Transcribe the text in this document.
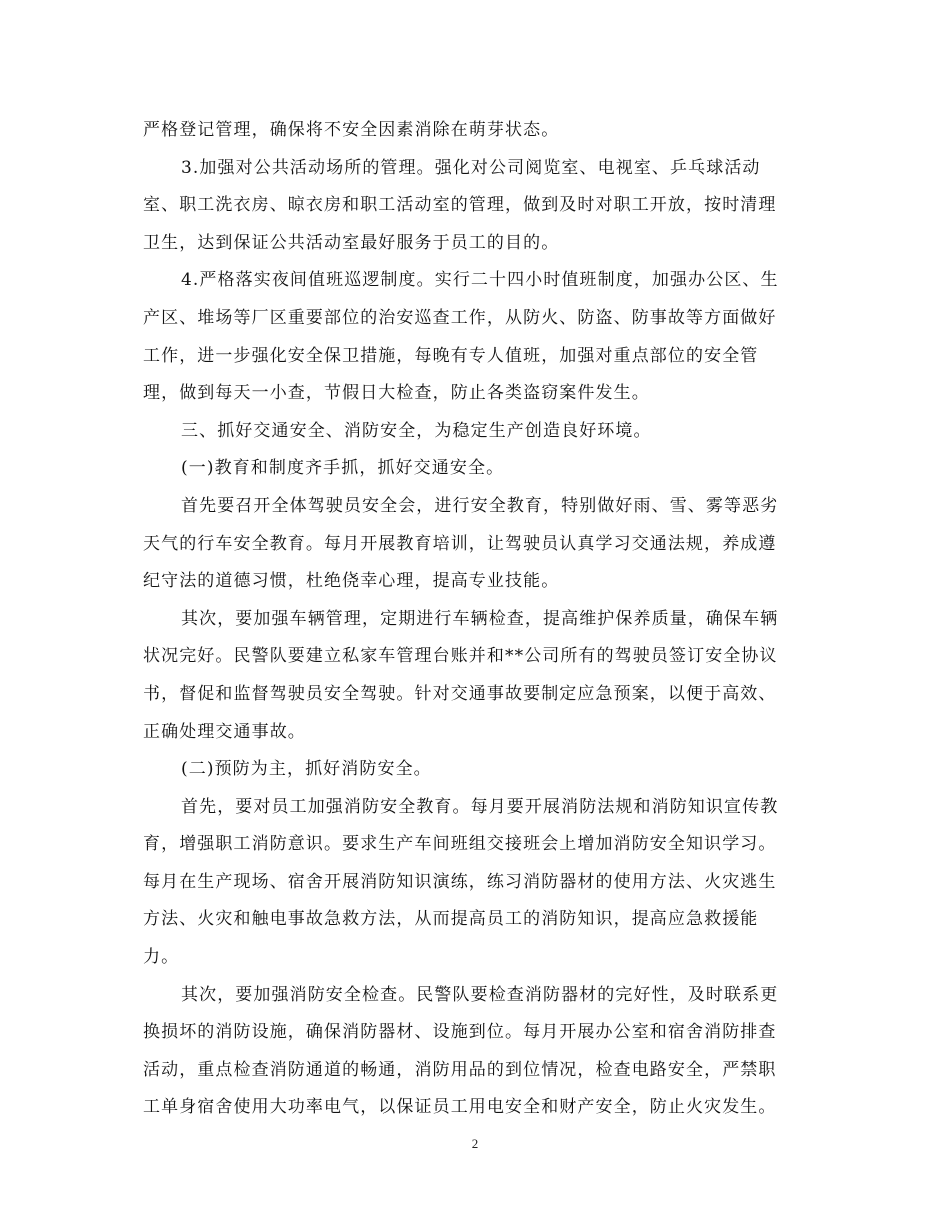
严格登记管理，确保将不安全因素消除在萌芽状态。
3.加强对公共活动场所的管理。强化对公司阅览室、电视室、乒乓球活动
室、职工洗衣房、晾衣房和职工活动室的管理，做到及时对职工开放，按时清理
卫生，达到保证公共活动室最好服务于员工的目的。
4.严格落实夜间值班巡逻制度。实行二十四小时值班制度，加强办公区、生
产区、堆场等厂区重要部位的治安巡查工作，从防火、防盗、防事故等方面做好
工作，进一步强化安全保卫措施，每晚有专人值班，加强对重点部位的安全管
理，做到每天一小查，节假日大检查，防止各类盗窃案件发生。
三、抓好交通安全、消防安全，为稳定生产创造良好环境。
(一)教育和制度齐手抓，抓好交通安全。
首先要召开全体驾驶员安全会，进行安全教育，特别做好雨、雪、雾等恶劣
天气的行车安全教育。每月开展教育培训，让驾驶员认真学习交通法规，养成遵
纪守法的道德习惯，杜绝侥幸心理，提高专业技能。
其次，要加强车辆管理，定期进行车辆检查，提高维护保养质量，确保车辆
状况完好。民警队要建立私家车管理台账并和**公司所有的驾驶员签订安全协议
书，督促和监督驾驶员安全驾驶。针对交通事故要制定应急预案，以便于高效、
正确处理交通事故。
(二)预防为主，抓好消防安全。
首先，要对员工加强消防安全教育。每月要开展消防法规和消防知识宣传教
育，增强职工消防意识。要求生产车间班组交接班会上增加消防安全知识学习。
每月在生产现场、宿舍开展消防知识演练，练习消防器材的使用方法、火灾逃生
方法、火灾和触电事故急救方法，从而提高员工的消防知识，提高应急救援能
力。
其次，要加强消防安全检查。民警队要检查消防器材的完好性，及时联系更
换损坏的消防设施，确保消防器材、设施到位。每月开展办公室和宿舍消防排查
活动，重点检查消防通道的畅通，消防用品的到位情况，检查电路安全，严禁职
工单身宿舍使用大功率电气，以保证员工用电安全和财产安全，防止火灾发生。
2
